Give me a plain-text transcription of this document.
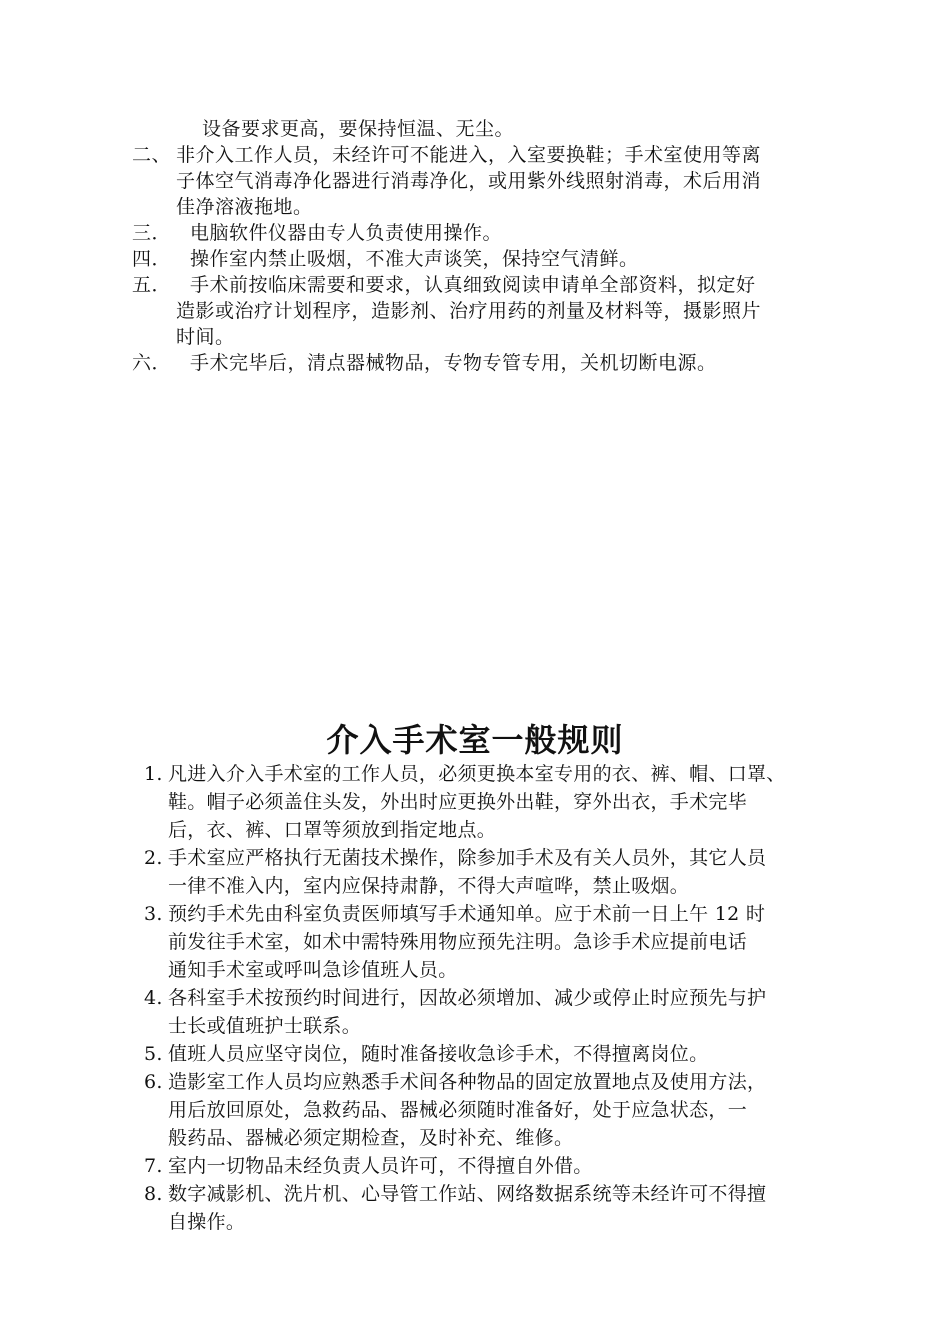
设备要求更高，要保持恒温、无尘。
二、 非介入工作人员，未经许可不能进入，入室要换鞋；手术室使用等离
子体空气消毒净化器进行消毒净化，或用紫外线照射消毒，术后用消
佳净溶液拖地。
三． 电脑软件仪器由专人负责使用操作。
四． 操作室内禁止吸烟，不准大声谈笑，保持空气清鲜。
五． 手术前按临床需要和要求，认真细致阅读申请单全部资料，拟定好
造影或治疗计划程序，造影剂、治疗用药的剂量及材料等，摄影照片
时间。
六． 手术完毕后，清点器械物品，专物专管专用，关机切断电源。
介入手术室一般规则
1. 凡进入介入手术室的工作人员，必须更换本室专用的衣、裤、帽、口罩、
鞋。帽子必须盖住头发，外出时应更换外出鞋，穿外出衣，手术完毕
后，衣、裤、口罩等须放到指定地点。
2. 手术室应严格执行无菌技术操作，除参加手术及有关人员外，其它人员
一律不准入内，室内应保持肃静，不得大声喧哗，禁止吸烟。
3. 预约手术先由科室负责医师填写手术通知单。应于术前一日上午 12 时
前发往手术室，如术中需特殊用物应预先注明。急诊手术应提前电话
通知手术室或呼叫急诊值班人员。
4. 各科室手术按预约时间进行，因故必须增加、减少或停止时应预先与护
士长或值班护士联系。
5. 值班人员应坚守岗位，随时准备接收急诊手术，不得擅离岗位。
6. 造影室工作人员均应熟悉手术间各种物品的固定放置地点及使用方法，
用后放回原处，急救药品、器械必须随时准备好，处于应急状态，一
般药品、器械必须定期检查，及时补充、维修。
7. 室内一切物品未经负责人员许可，不得擅自外借。
8. 数字减影机、洗片机、心导管工作站、网络数据系统等未经许可不得擅
自操作。
